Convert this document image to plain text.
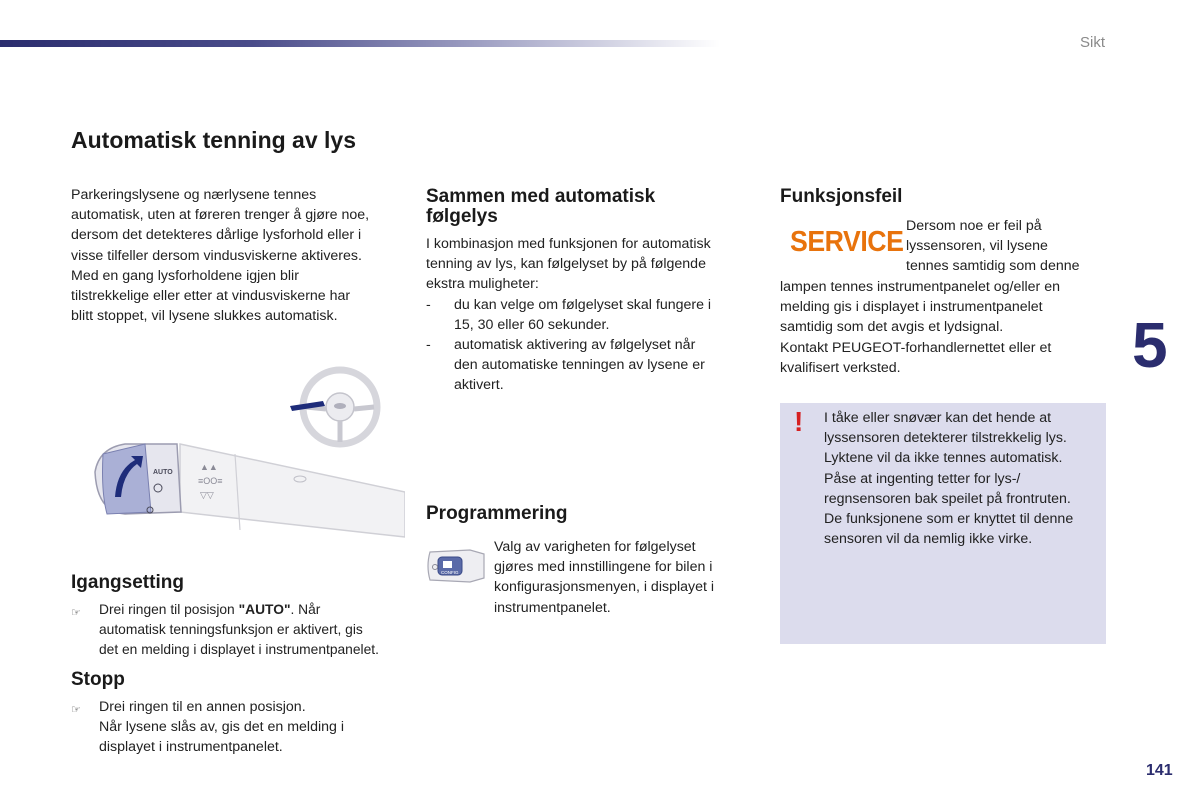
Sikt
Automatisk tenning av lys
Parkeringslysene og nærlysene tennes
automatisk, uten at føreren trenger å gjøre noe,
dersom det detekteres dårlige lysforhold eller i
visse tilfeller dersom vindusviskerne aktiveres.
Med en gang lysforholdene igjen blir
tilstrekkelige eller etter at vindusviskerne har
blitt stoppet, vil lysene slukkes automatisk.
▲▲
≡OO≡
▽▽
AUTO
Igangsetting
☞ Drei ringen til posisjon "AUTO". Når
automatisk tenningsfunksjon er aktivert, gis
det en melding i displayet i instrumentpanelet.
Stopp
☞ Drei ringen til en annen posisjon.
Når lysene slås av, gis det en melding i
displayet i instrumentpanelet.
Sammen med automatisk
følgelys
I kombinasjon med funksjonen for automatisk
tenning av lys, kan følgelyset by på følgende
ekstra muligheter:
- du kan velge om følgelyset skal fungere i
15, 30 eller 60 sekunder.
- automatisk aktivering av følgelyset når
den automatiske tenningen av lysene er
aktivert.
Programmering
CONFIG
Valg av varigheten for følgelyset
gjøres med innstillingene for bilen i
konfigurasjonsmenyen, i displayet i
instrumentpanelet.
Funksjonsfeil
SERVICE Dersom noe er feil på
lyssensoren, vil lysene
tennes samtidig som denne
lampen tennes instrumentpanelet og/eller en
melding gis i displayet i instrumentpanelet
samtidig som det avgis et lydsignal.
Kontakt PEUGEOT-forhandlernettet eller et
kvalifisert verksted.
! I tåke eller snøvær kan det hende at
lyssensoren detekterer tilstrekkelig lys.
Lyktene vil da ikke tennes automatisk.
Påse at ingenting tetter for lys-/
regnsensoren bak speilet på frontruten.
De funksjonene som er knyttet til denne
sensoren vil da nemlig ikke virke.
5
141
